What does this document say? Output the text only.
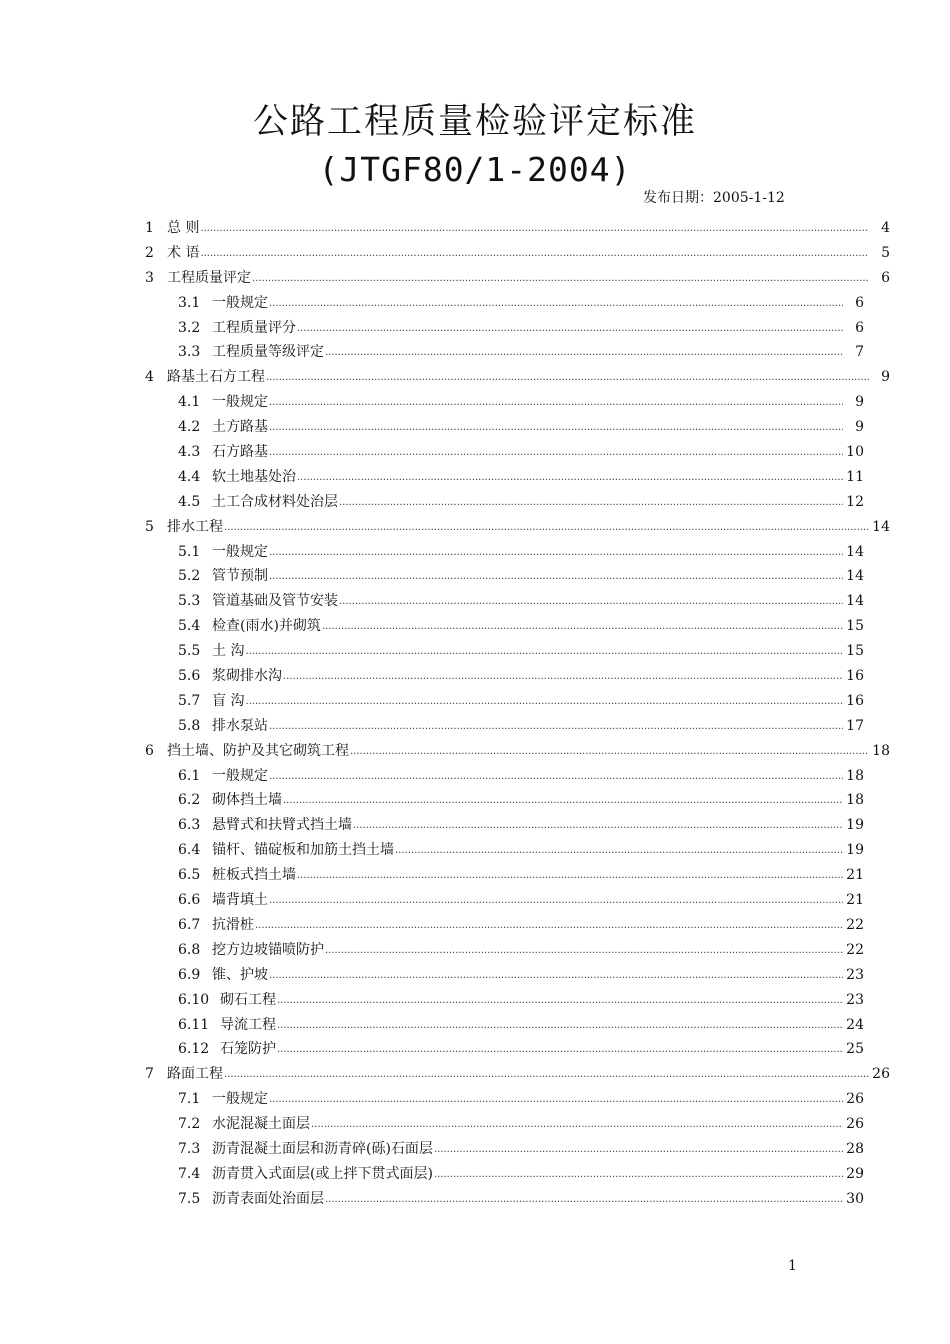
公路工程质量检验评定标准
(JTGF80/1-2004)
发布日期：2005-1-12
1 总 则 .....	4
2 术 语 .....	5
3 工程质量评定 .....	6
3.1 一般规定 .....	6
3.2 工程质量评分 .....	6
3.3 工程质量等级评定 .....	7
4 路基土石方工程 .....	9
4.1 一般规定 .....	9
4.2 土方路基 .....	9
4.3 石方路基 .....	10
4.4 软土地基处治 .....	11
4.5 土工合成材料处治层 .....	12
5 排水工程 .....	14
5.1 一般规定 .....	14
5.2 管节预制 .....	14
5.3 管道基础及管节安装 .....	14
5.4 检查(雨水)并砌筑 .....	15
5.5 土 沟 .....	15
5.6 浆砌排水沟 .....	16
5.7 盲 沟 .....	16
5.8 排水泵站 .....	17
6 挡土墙、防护及其它砌筑工程 .....	18
6.1 一般规定 .....	18
6.2 砌体挡土墙 .....	18
6.3 悬臂式和扶臂式挡土墙 .....	19
6.4 锚杆、锚碇板和加筋土挡土墙 .....	19
6.5 桩板式挡土墙 .....	21
6.6 墙背填土 .....	21
6.7 抗滑桩 .....	22
6.8 挖方边坡锚喷防护 .....	22
6.9 锥、护坡 .....	23
6.10 砌石工程 .....	23
6.11 导流工程 .....	24
6.12 石笼防护 .....	25
7 路面工程 .....	26
7.1 一般规定 .....	26
7.2 水泥混凝土面层 .....	26
7.3 沥青混凝土面层和沥青碎(砾)石面层 .....	28
7.4 沥青贯入式面层(或上拌下贯式面层) .....	29
7.5 沥青表面处治面层 .....	30
1
